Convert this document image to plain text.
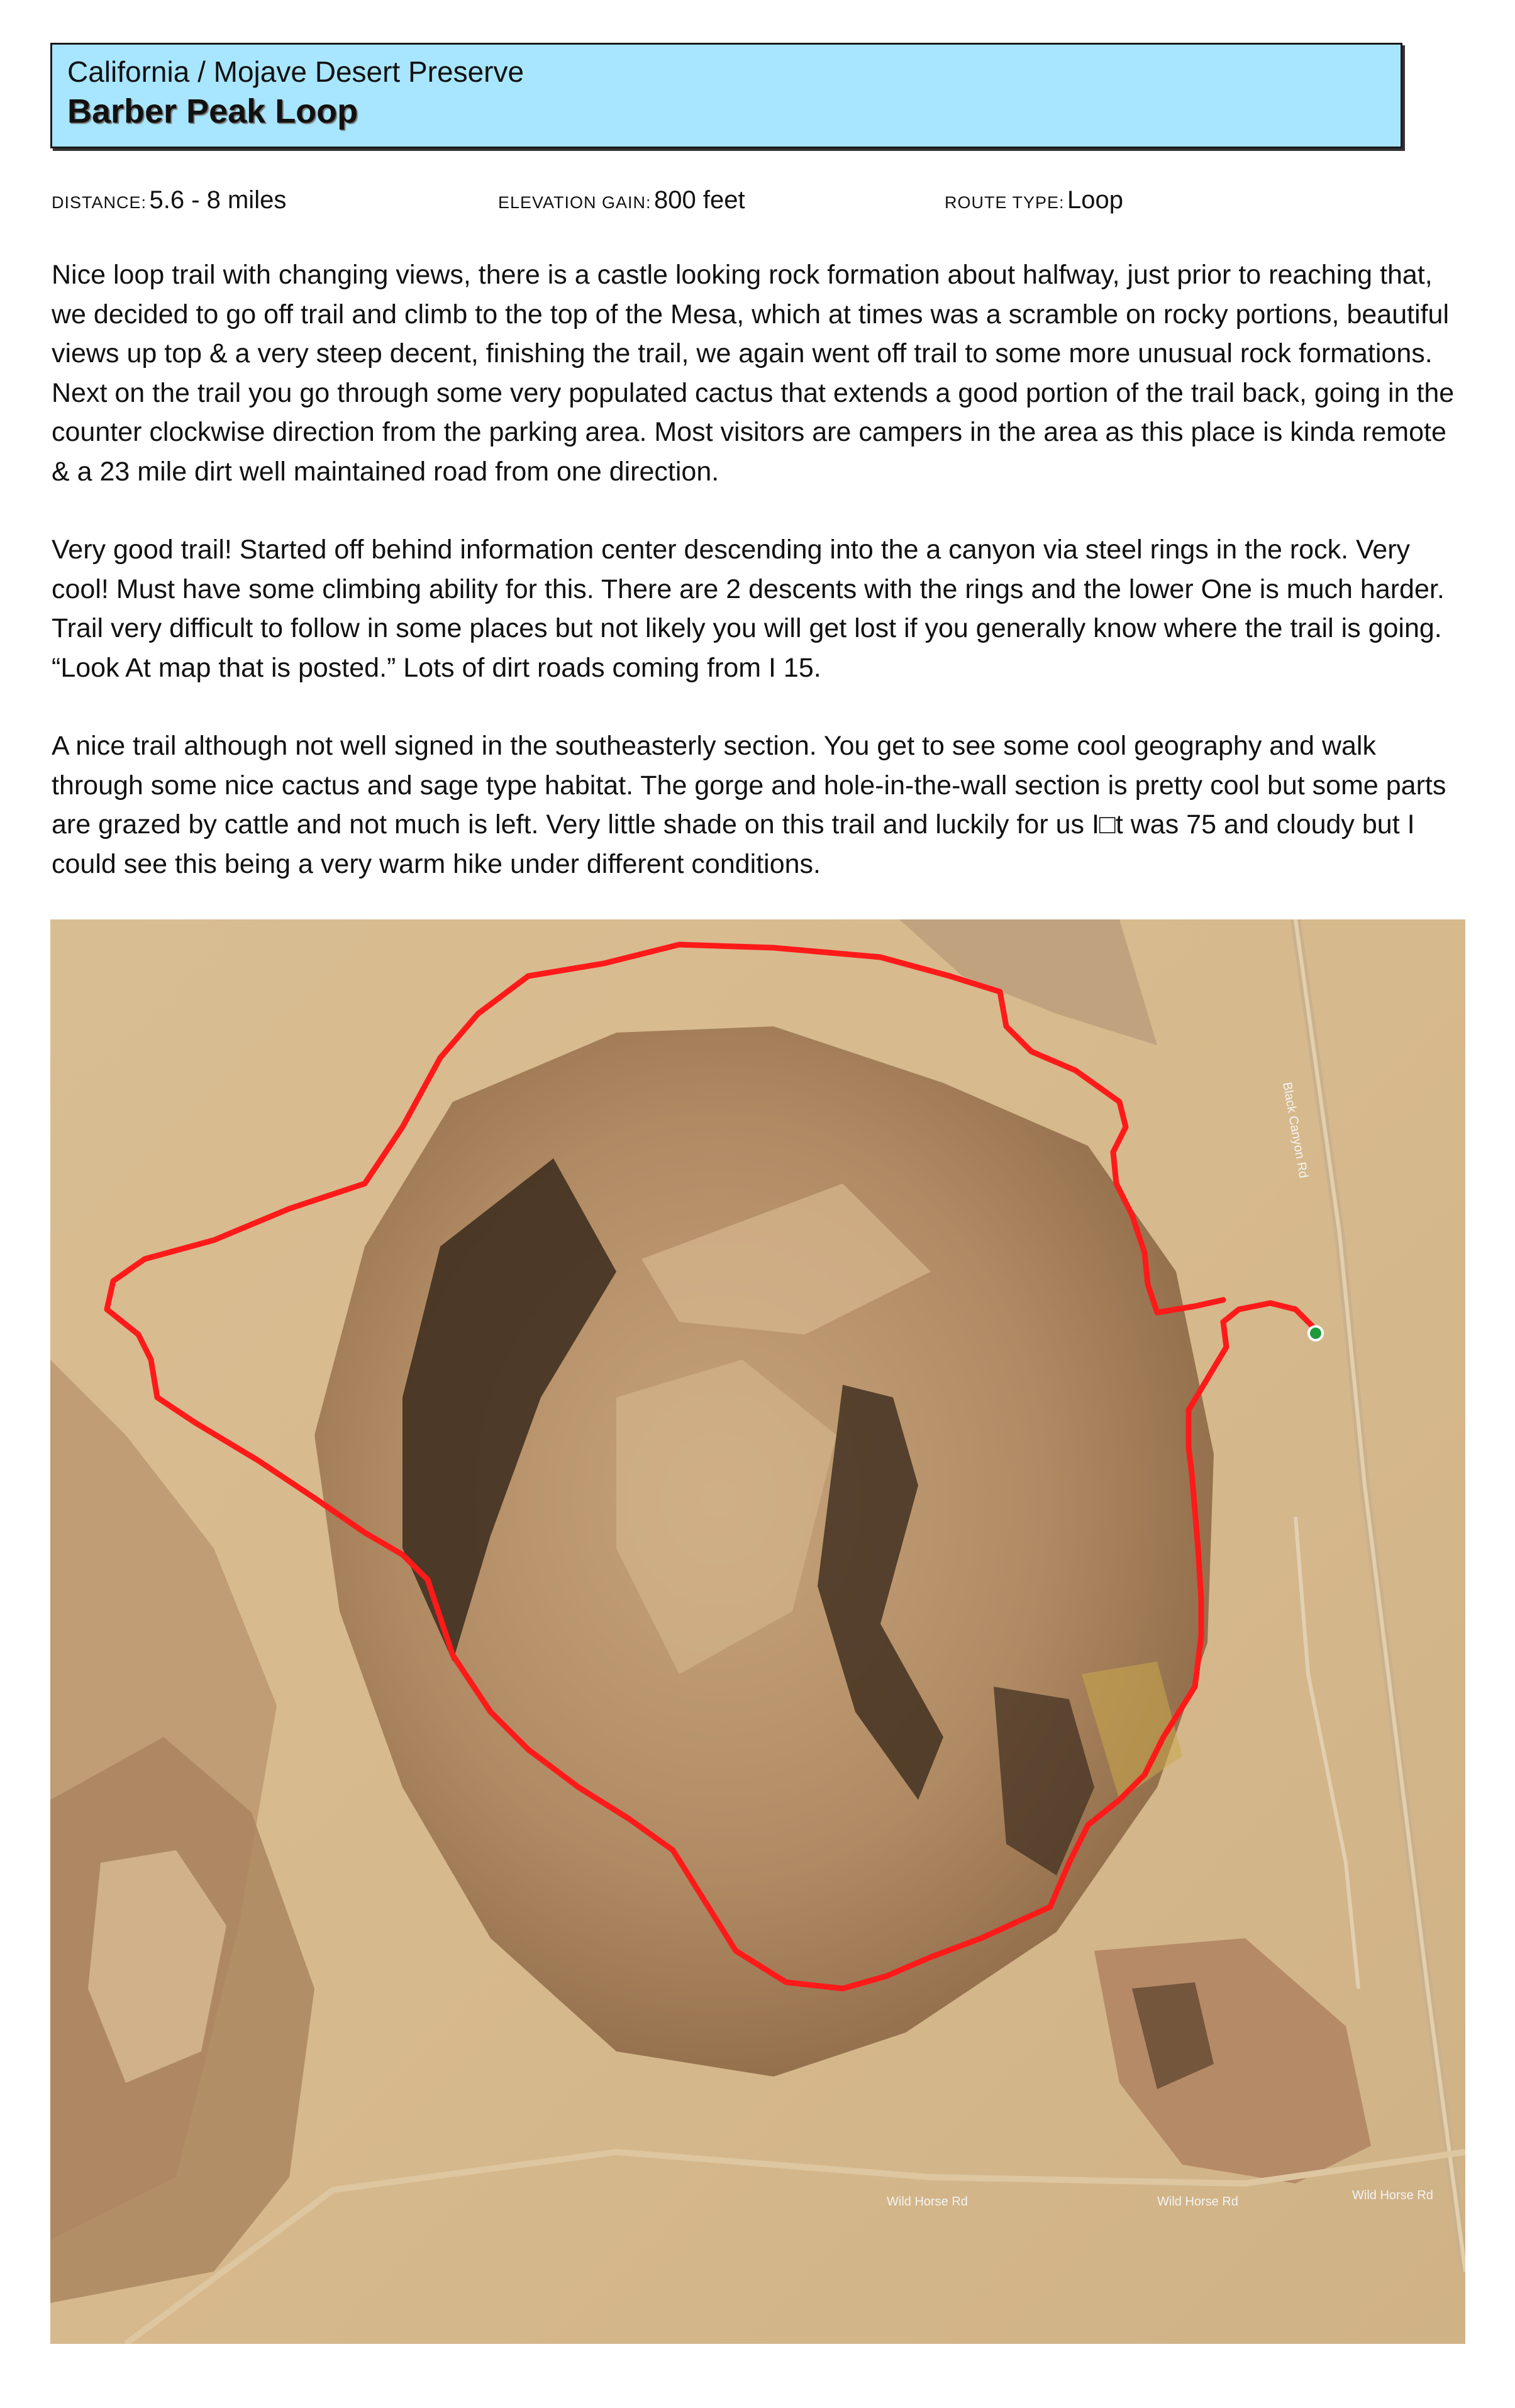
California / Mojave Desert Preserve
Barber Peak Loop
DISTANCE: 5.6 - 8 miles	ELEVATION GAIN: 800 feet	ROUTE TYPE: Loop

Nice loop trail with changing views, there is a castle looking rock formation about halfway, just prior to reaching that, we decided to go off trail and climb to the top of the Mesa, which at times was a scramble on rocky portions, beautiful views up top & a very steep decent, finishing the trail, we again went off trail to some more unusual rock formations. Next on the trail you go through some very populated cactus that extends a good portion of the trail back, going in the counter clockwise direction from the parking area. Most visitors are campers in the area as this place is kinda remote & a 23 mile dirt well maintained road from one direction.

Very good trail! Started off behind information center descending into the a canyon via steel rings in the rock. Very cool! Must have some climbing ability for this. There are 2 descents with the rings and the lower One is much harder. Trail very difficult to follow in some places but not likely you will get lost if you generally know where the trail is going. “Look At map that is posted.” Lots of dirt roads coming from I 15.

A nice trail although not well signed in the southeasterly section. You get to see some cool geography and walk through some nice cactus and sage type habitat. The gorge and hole-in-the-wall section is pretty cool but some parts are grazed by cattle and not much is left. Very little shade on this trail and luckily for us I□t was 75 and cloudy but I could see this being a very warm hike under different conditions.

Black Canyon Rd
Wild Horse Rd	Wild Horse Rd	Wild Horse Rd
